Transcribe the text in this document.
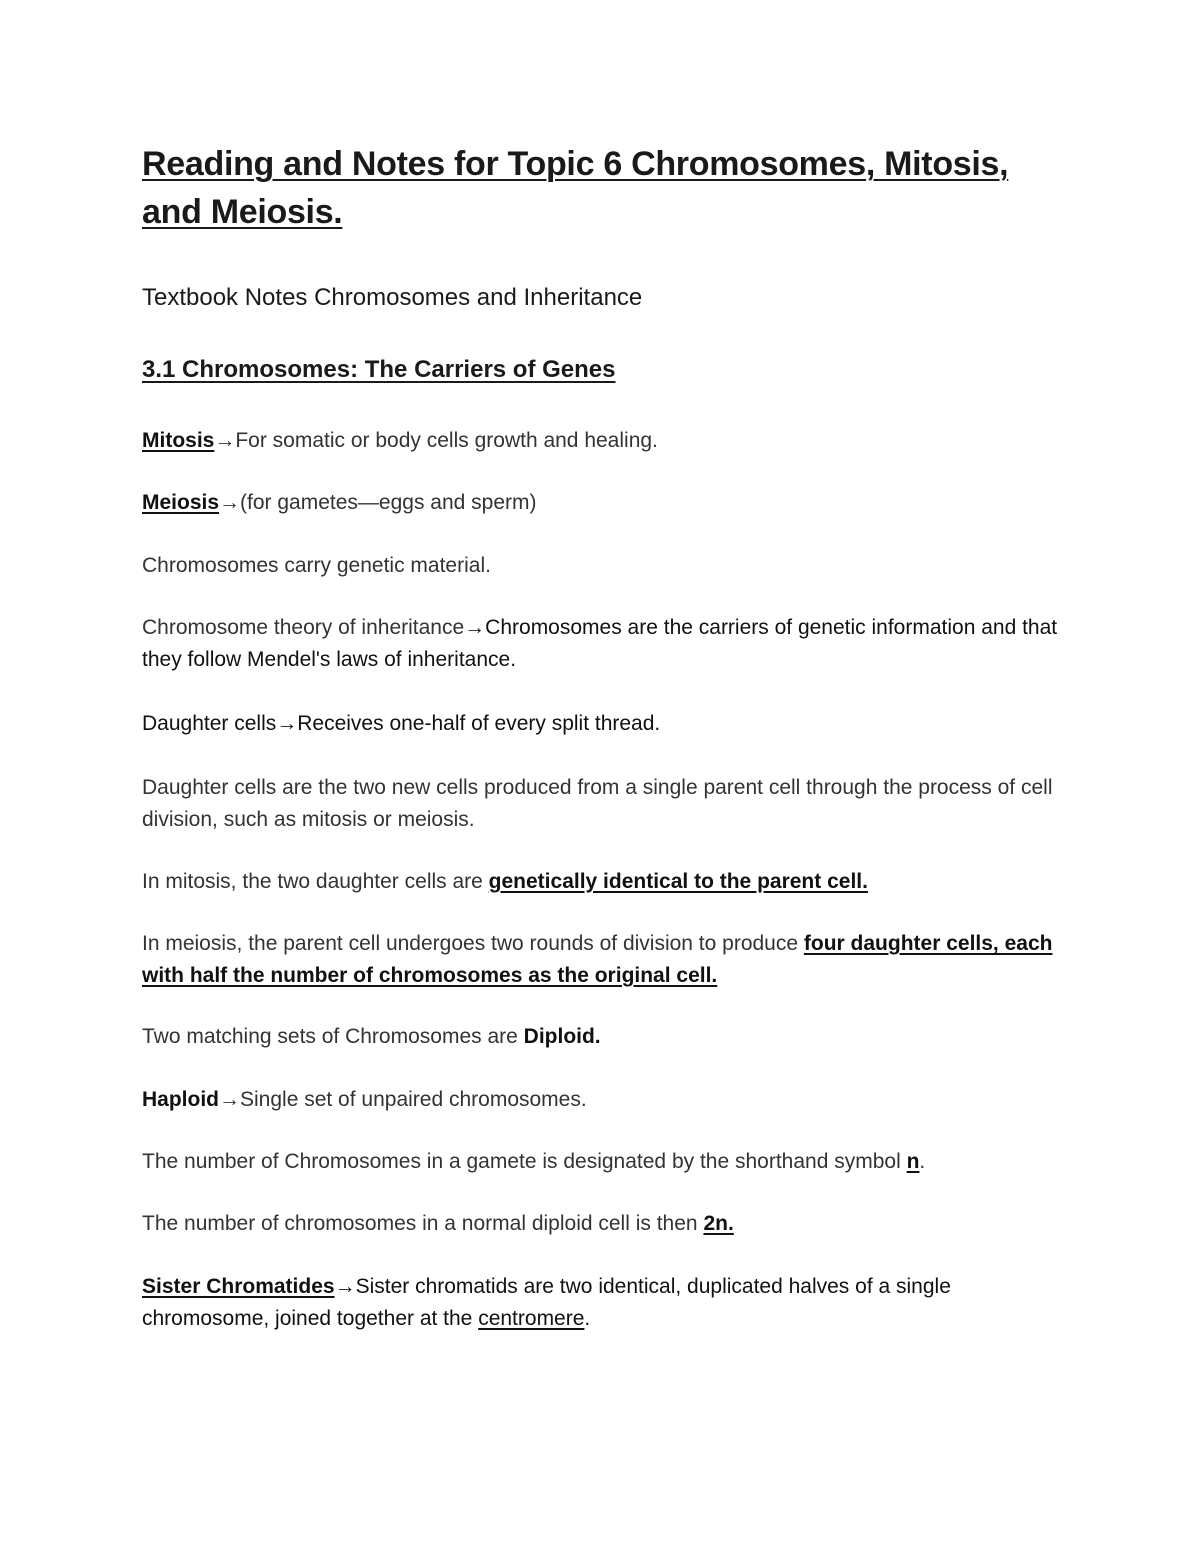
Reading and Notes for Topic 6 Chromosomes, Mitosis, and Meiosis.
Textbook Notes Chromosomes and Inheritance
3.1 Chromosomes: The Carriers of Genes

Mitosis→For somatic or body cells growth and healing.

Meiosis→(for gametes—eggs and sperm)

Chromosomes carry genetic material.

Chromosome theory of inheritance→Chromosomes are the carriers of genetic information and that they follow Mendel's laws of inheritance.

Daughter cells→Receives one-half of every split thread.

Daughter cells are the two new cells produced from a single parent cell through the process of cell division, such as mitosis or meiosis.

In mitosis, the two daughter cells are genetically identical to the parent cell.

In meiosis, the parent cell undergoes two rounds of division to produce four daughter cells, each with half the number of chromosomes as the original cell.

Two matching sets of Chromosomes are Diploid.

Haploid→Single set of unpaired chromosomes.

The number of Chromosomes in a gamete is designated by the shorthand symbol n.

The number of chromosomes in a normal diploid cell is then 2n.

Sister Chromatides→Sister chromatids are two identical, duplicated halves of a single chromosome, joined together at the centromere.
